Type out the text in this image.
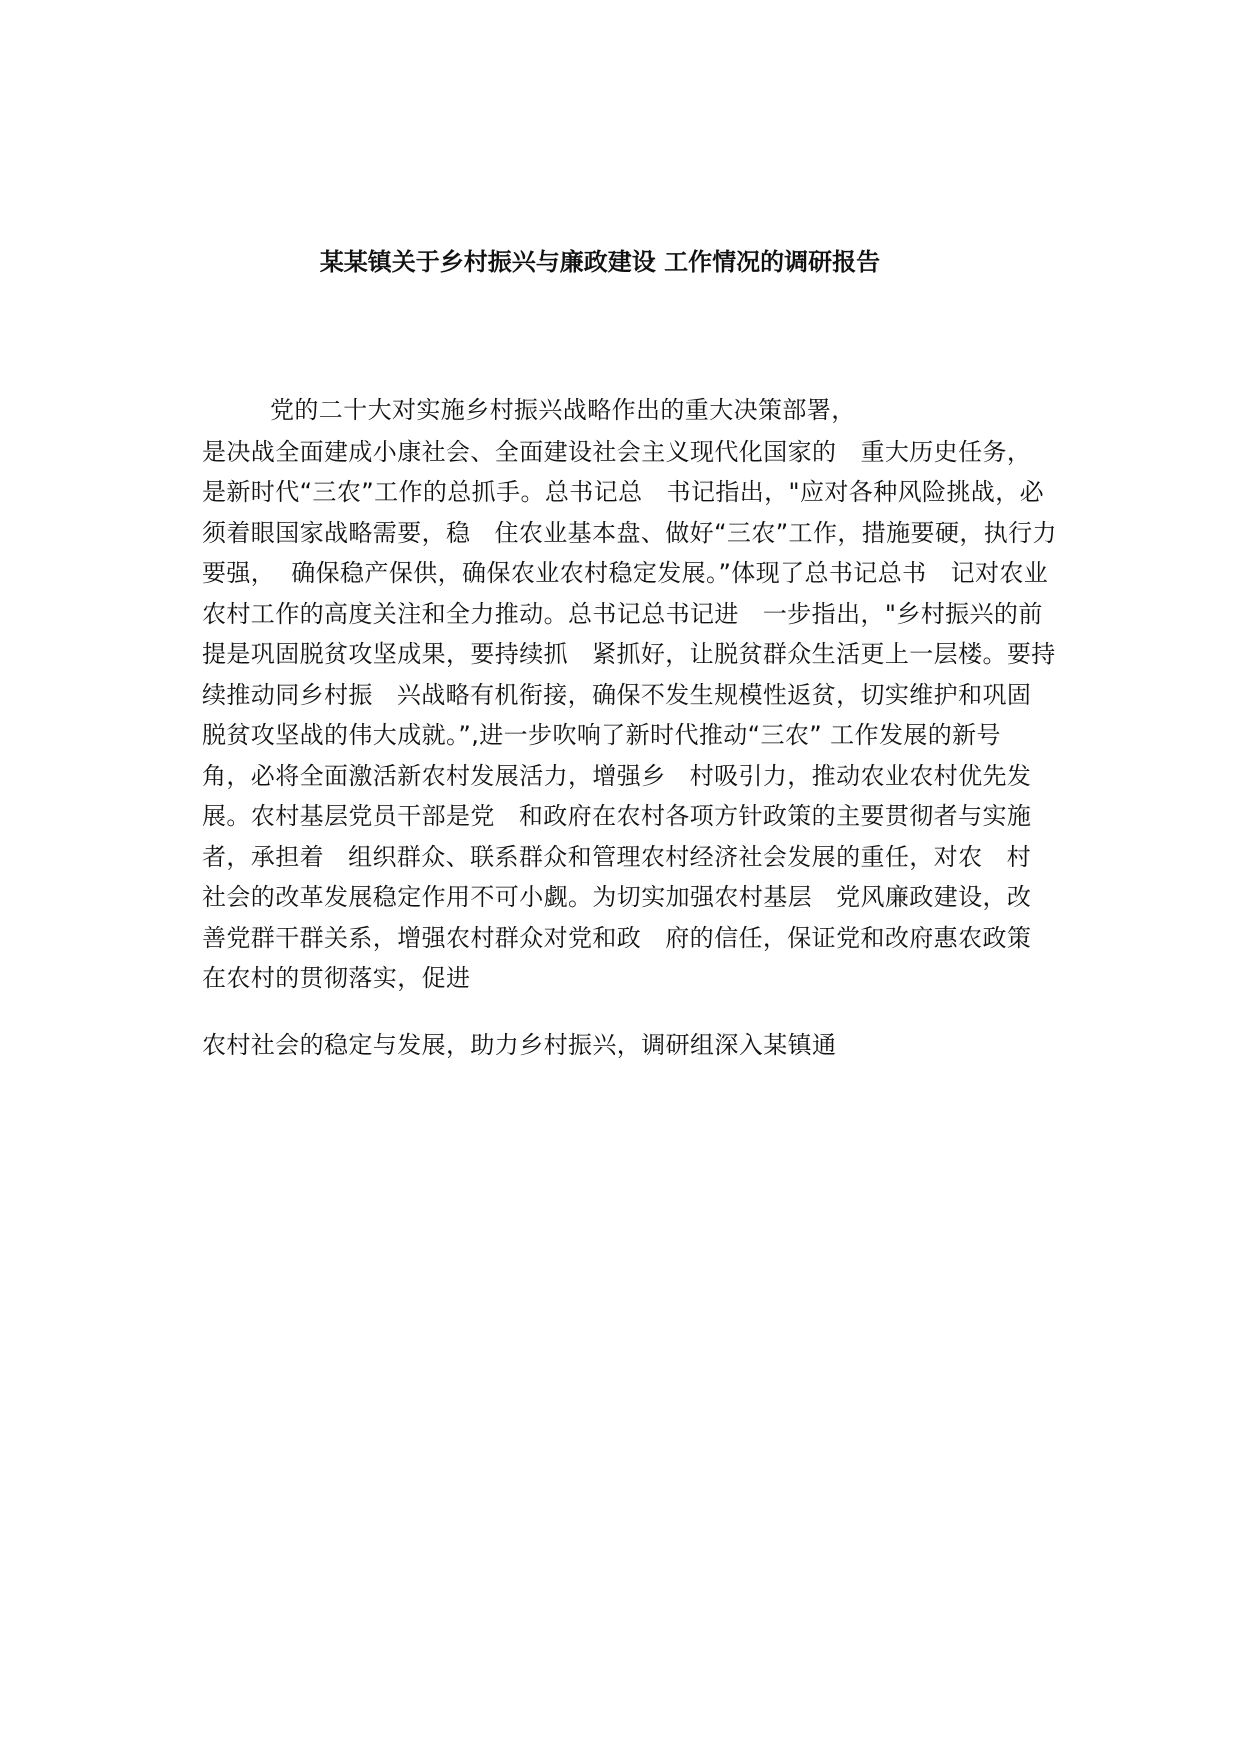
某某镇关于乡村振兴与廉政建设 工作情况的调研报告
党的二十大对实施乡村振兴战略作出的重大决策部署，
是决战全面建成小康社会、全面建设社会主义现代化国家的   重大历史任务，
是新时代“三农”工作的总抓手。总书记总   书记指出，"应对各种风险挑战，必
须着眼国家战略需要，稳   住农业基本盘、做好“三农”工作，措施要硬，执行力
要强，  确保稳产保供，确保农业农村稳定发展。”体现了总书记总书   记对农业
农村工作的高度关注和全力推动。总书记总书记进   一步指出，"乡村振兴的前
提是巩固脱贫攻坚成果，要持续抓   紧抓好，让脱贫群众生活更上一层楼。要持
续推动同乡村振   兴战略有机衔接，确保不发生规模性返贫，切实维护和巩固
脱贫攻坚战的伟大成就。”,进一步吹响了新时代推动“三农” 工作发展的新号
角，必将全面激活新农村发展活力，增强乡   村吸引力，推动农业农村优先发
展。农村基层党员干部是党   和政府在农村各项方针政策的主要贯彻者与实施
者，承担着   组织群众、联系群众和管理农村经济社会发展的重任，对农   村
社会的改革发展稳定作用不可小觑。为切实加强农村基层   党风廉政建设，改
善党群干群关系，增强农村群众对党和政   府的信任，保证党和改府惠农政策
在农村的贯彻落实，促进
农村社会的稳定与发展，助力乡村振兴，调研组深入某镇通
